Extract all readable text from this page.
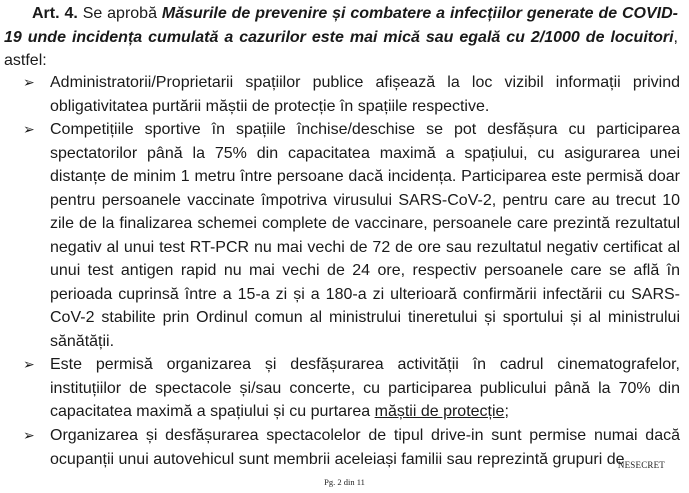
Art. 4. Se aprobă Măsurile de prevenire și combatere a infecțiilor generate de COVID-19 unde incidența cumulată a cazurilor este mai mică sau egală cu 2/1000 de locuitori, astfel:

➢ Administratorii/Proprietarii spațiilor publice afișează la loc vizibil informații privind obligativitatea purtării măștii de protecție în spațiile respective.
➢ Competițiile sportive în spațiile închise/deschise se pot desfășura cu participarea spectatorilor până la 75% din capacitatea maximă a spațiului, cu asigurarea unei distanțe de minim 1 metru între persoane dacă incidența. Participarea este permisă doar pentru persoanele vaccinate împotriva virusului SARS-CoV-2, pentru care au trecut 10 zile de la finalizarea schemei complete de vaccinare, persoanele care prezintă rezultatul negativ al unui test RT-PCR nu mai vechi de 72 de ore sau rezultatul negativ certificat al unui test antigen rapid nu mai vechi de 24 ore, respectiv persoanele care se află în perioada cuprinsă între a 15-a zi și a 180-a zi ulterioară confirmării infectării cu SARS-CoV-2 stabilite prin Ordinul comun al ministrului tineretului și sportului și al ministrului sănătății.
➢ Este permisă organizarea și desfășurarea activității în cadrul cinematografelor, instituțiilor de spectacole și/sau concerte, cu participarea publicului până la 70% din capacitatea maximă a spațiului și cu purtarea măștii de protecție;
➢ Organizarea și desfășurarea spectacolelor de tipul drive-in sunt permise numai dacă ocupanții unui autovehicul sunt membrii aceleiași familii sau reprezintă grupuri de
NESECRET
Pg. 2 din 11
